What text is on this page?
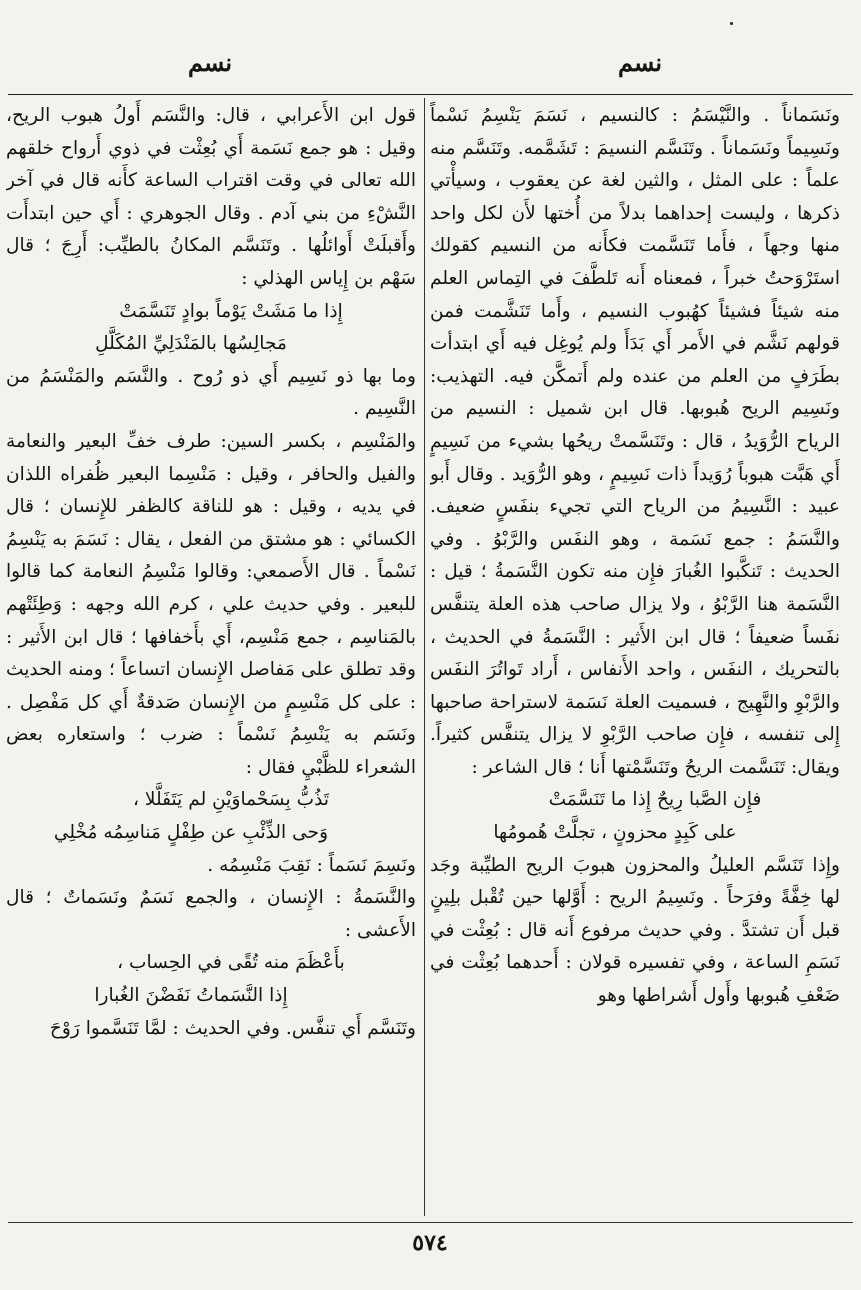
نسم
نسم

ونَسَماناً . والنَّيْسَمُ : كالنسيم ، نَسَمَ يَنْسِمُ نَسْماً ونَسِيماً ونَسَماناً . وتَنَسَّم النسيمَ : تَشَمَّمه. وتَنَسَّم منه علماً : على المثل ، والثين لغة عن يعقوب ، وسيأْتي ذكرها ، وليست إحداهما بدلاً من أُختها لأَن لكل واحد منها وجهاً ، فأَما تَنَسَّمت فكأَنه من النسيم كقولك استَرْوَحتُ خبراً ، فمعناه أَنه تَلطَّفَ في التِماس العلم منه شيئاً فشيئاً كهُبوب النسيم ، وأَما تَنَشَّمت فمن قولهم نَشَّم في الأَمر أَي بَدَأَ ولم يُوغِل فيه أَي ابتدأت بطَرَفٍ من العلم من عنده ولم أَتمكَّن فيه. التهذيب: ونَسِيم الريح هُبوبها. قال ابن شميل : النسيم من الرياح الرُّوَيدُ ، قال : وتَنَسَّمتْ ريحُها بشيء من نَسِيمٍ أَي هَبَّت هبوباً رُوَيداً ذات نَسِيمٍ ، وهو الرُّوَيد . وقال أَبو عبيد : النَّسِيمُ من الرياح التي تجيء بنفَسٍ ضعيف. والنَّسَمُ : جمع نَسَمة ، وهو النفَس والرَّبْوُ . وفي الحديث : تَنكَّبوا الغُبارَ فإِن منه تكون النَّسَمةُ ؛ قيل : النَّسَمة هنا الرَّبْوُ ، ولا يزال صاحب هذه العلة يتنفَّس نفَساً ضعيفاً ؛ قال ابن الأَثير : النَّسَمةُ في الحديث ، بالتحريك ، النفَس ، واحد الأَنفاس ، أَراد تَواتُرَ النفَس والرَّبْوِ والنَّهِيج ، فسميت العلة نَسَمة لاستراحة صاحبها إِلى تنفسه ، فإِن صاحب الرَّبْوِ لا يزال يتنفَّس كثيراً. ويقال: تَنَسَّمت الريحُ وتَنَسَّمْتها أَنا ؛ قال الشاعر :

فإِن الصَّبا رِيحٌ إِذا ما تَنَسَّمَتْ
على كَبِدٍ محزونٍ ، تجلَّتْ هُمومُها

وإِذا تَنَسَّم العليلُ والمحزون هبوبَ الريح الطيِّبة وجَد لها خِفَّةً وفرَحاً . ونَسِيمُ الريح : أَوَّلها حين تُقْبل بلِينٍ قبل أَن تشتدَّ . وفي حديث مرفوع أَنه قال : بُعِثْت في نَسَمِ الساعة ، وفي تفسيره قولان : أَحدهما بُعِثْت في ضَعْفِ هُبوبها وأَول أَشراطها وهو

قول ابن الأَعرابي ، قال: والنَّسَم أَولُ هبوب الريح، وقيل : هو جمع نَسَمة أَي بُعِثْت في ذوي أَرواح خلقهم الله تعالى في وقت اقتراب الساعة كأَنه قال في آخر النَّشْءِ من بني آدم . وقال الجوهري : أَي حين ابتدأَت وأَقبلَتْ أَوائلُها . وتَنَسَّم المكانُ بالطيِّب: أَرِجَ ؛ قال سَهْم بن إِياس الهذلي :

إِذا ما مَشَتْ يَوْماً بوادٍ تَنَسَّمَتْ
مَجالِسُها بالمَنْدَلِيِّ المُكَلَّلِ

وما بها ذو نَسِيم أَي ذو رُوح . والنَّسَم والمَنْسَمُ من النَّسِيم .

والمَنْسِم ، بكسر السين: طرف خفِّ البعير والنعامة والفيل والحافر ، وقيل : مَنْسِما البعير ظُفراه اللذان في يديه ، وقيل : هو للناقة كالظفر للإِنسان ؛ قال الكسائي : هو مشتق من الفعل ، يقال : نَسَمَ به يَنْسِمُ نَسْماً . قال الأَصمعي: وقالوا مَنْسِمُ النعامة كما قالوا للبعير . وفي حديث علي ، كرم الله وجهه : وَطِئَتْهم بالمَناسِم ، جمع مَنْسِم، أَي بأَخفافها ؛ قال ابن الأَثير : وقد تطلق على مَفاصل الإِنسان اتساعاً ؛ ومنه الحديث : على كل مَنْسِمٍ من الإِنسان صَدقةٌ أَي كل مَفْصِل . ونَسَم به يَنْسِمُ نَسْماً : ضرب ؛ واستعاره بعض الشعراء للظَّبْيِ فقال :

تَذُبُّ بِسَحْماوَيْنِ لم يَتَفَلَّلا ،
وَحى الذِّئْبِ عن طِفْلٍ مَناسِمُه مُخْلِي

ونَسِمَ نَسَماً : نَقِبَ مَنْسِمُه .

والنَّسَمةُ : الإِنسان ، والجمع نَسَمٌ ونَسَماتٌ ؛ قال الأَعشى :

بأَعْظَمَ منه تُقًى في الحِساب ،
إِذا النَّسَماتُ نَفَضْنَ الغُبارا

وتَنَسَّم أَي تنفَّس. وفي الحديث : لمَّا تَنَسَّموا رَوْحَ

٥٧٤
